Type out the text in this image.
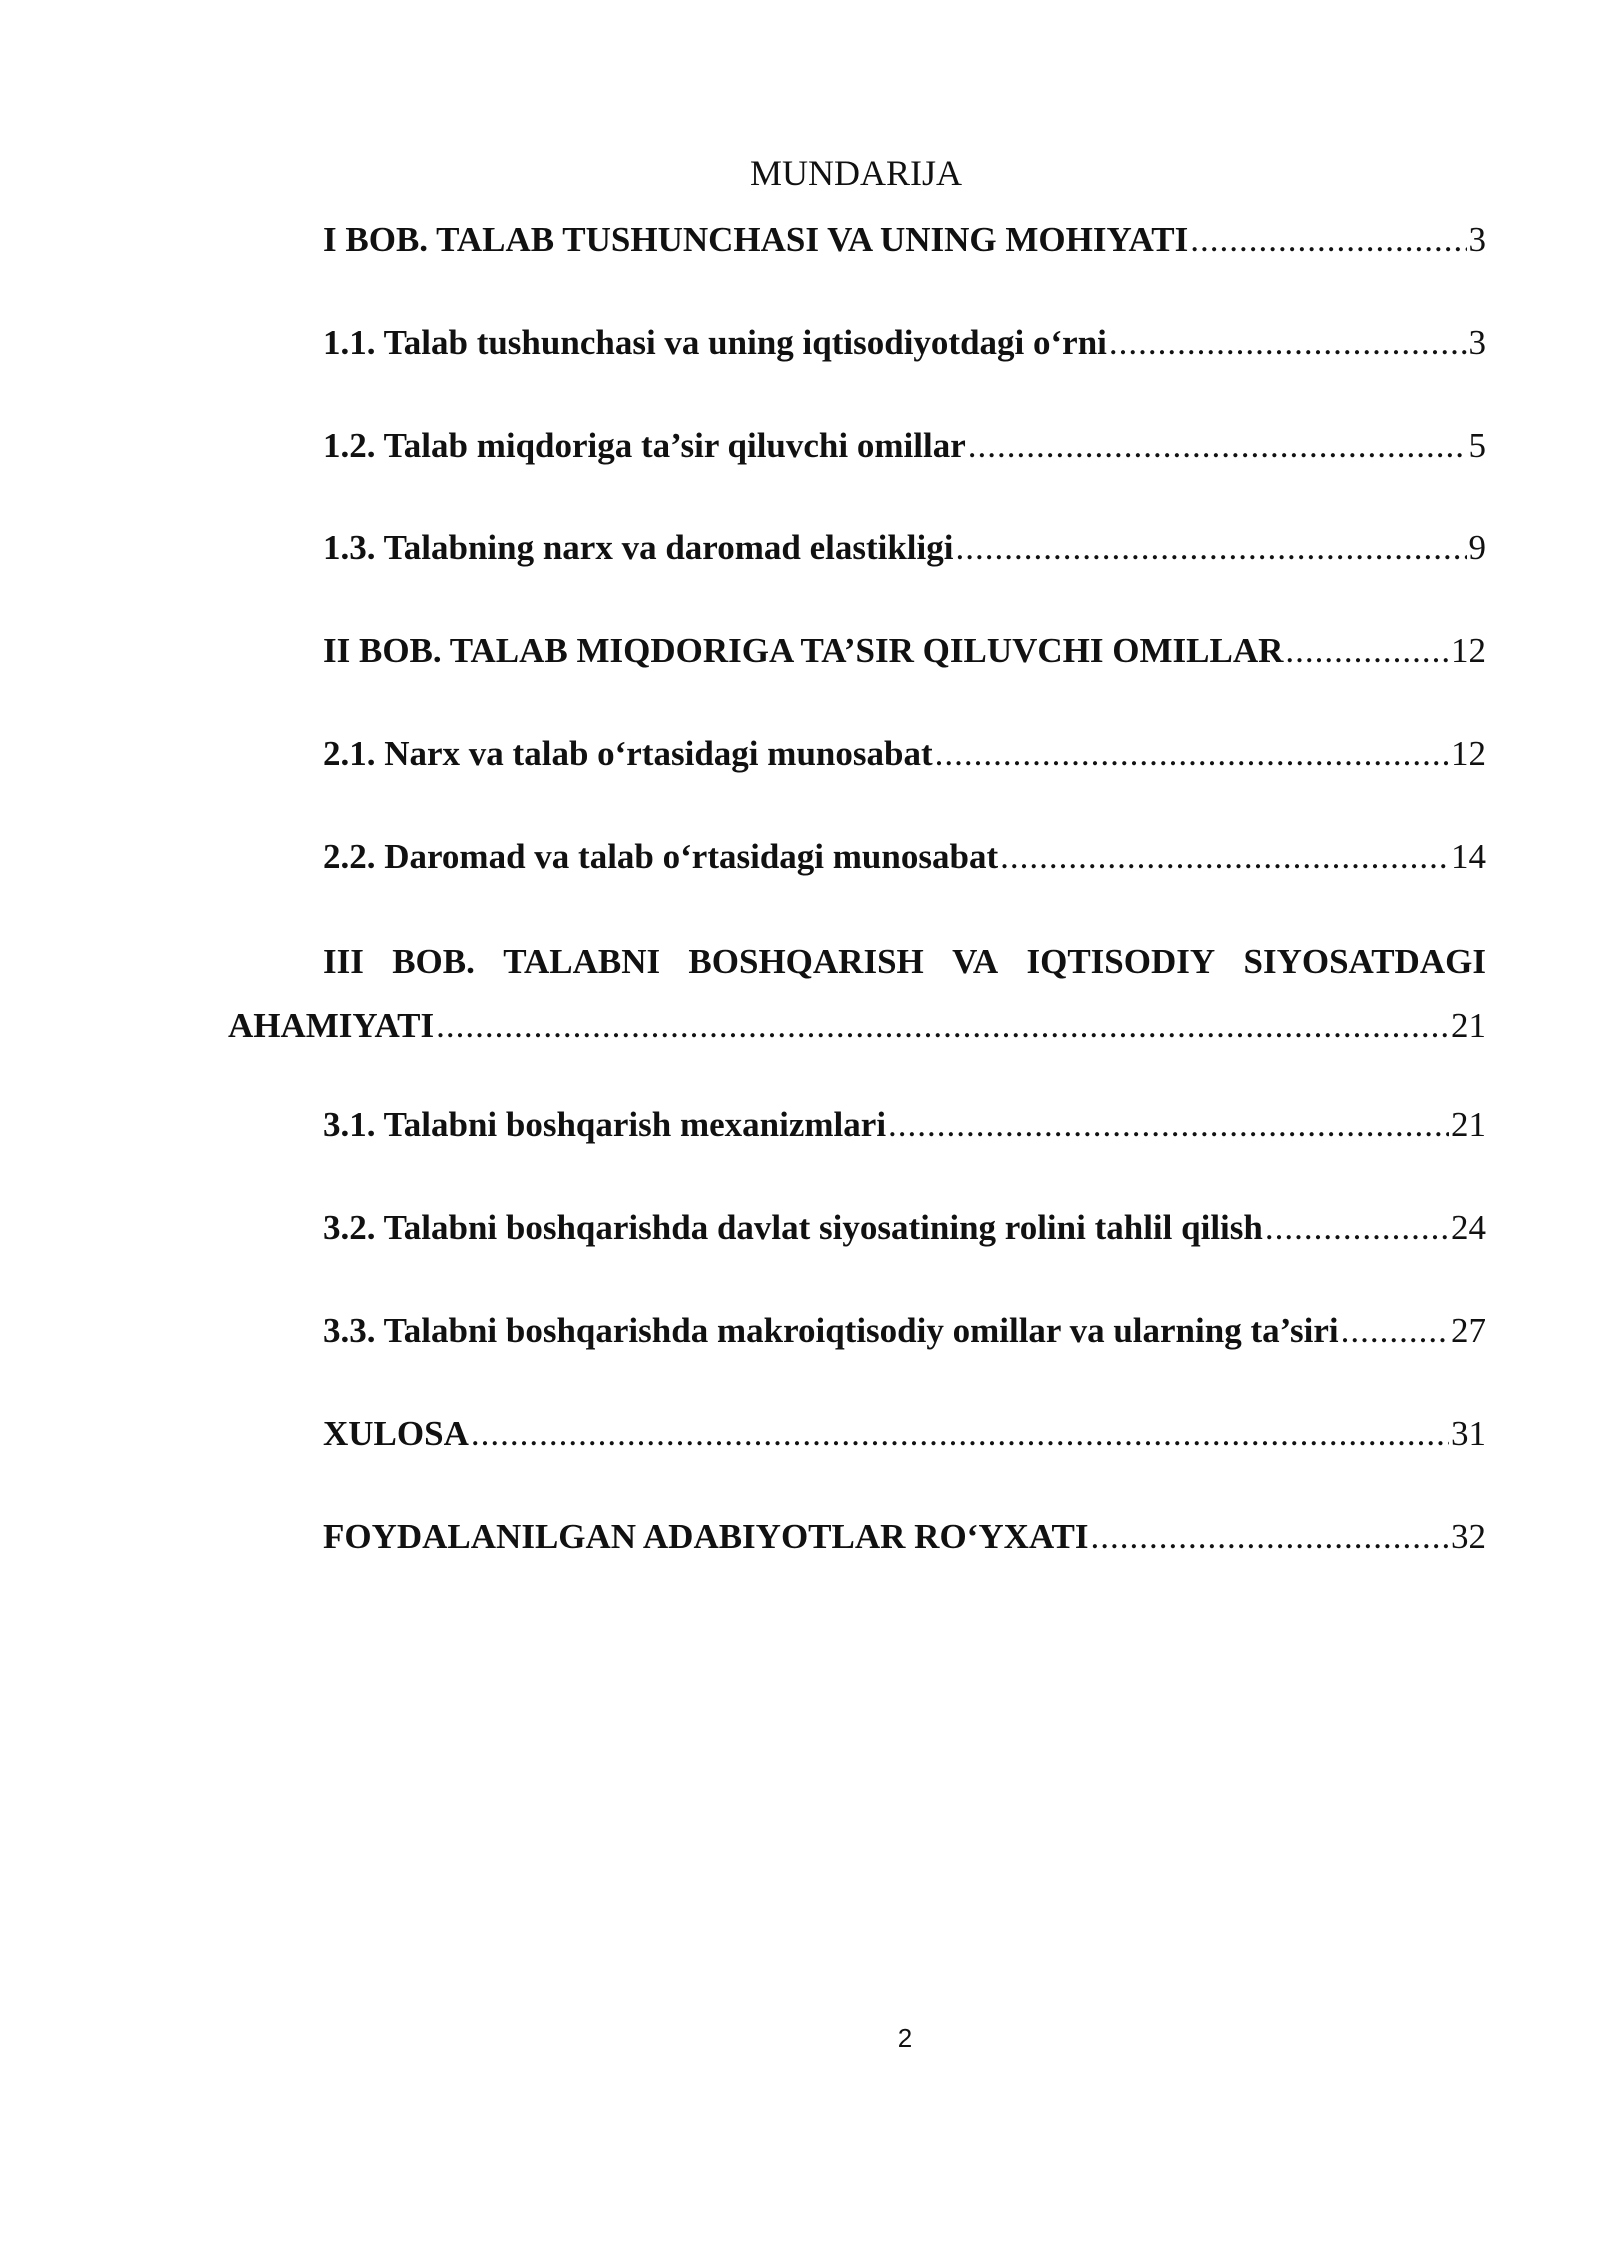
MUNDARIJA
I BOB. TALAB TUSHUNCHASI VA UNING MOHIYATI .....	3
1.1. Talab tushunchasi va uning iqtisodiyotdagi o‘rni .....	3
1.2. Talab miqdoriga ta’sir qiluvchi omillar .....	5
1.3. Talabning narx va daromad elastikligi .....	9
II BOB. TALAB MIQDORIGA TA’SIR QILUVCHI OMILLAR .....	12
2.1. Narx va talab o‘rtasidagi munosabat .....	12
2.2. Daromad va talab o‘rtasidagi munosabat .....	14
III BOB. TALABNI BOSHQARISH VA IQTISODIY SIYOSATDAGI
AHAMIYATI .....	21
3.1. Talabni boshqarish mexanizmlari .....	21
3.2. Talabni boshqarishda davlat siyosatining rolini tahlil qilish .....	24
3.3. Talabni boshqarishda makroiqtisodiy omillar va ularning ta’siri .....	27
XULOSA .....	31
FOYDALANILGAN ADABIYOTLAR RO‘YXATI .....	32
2
